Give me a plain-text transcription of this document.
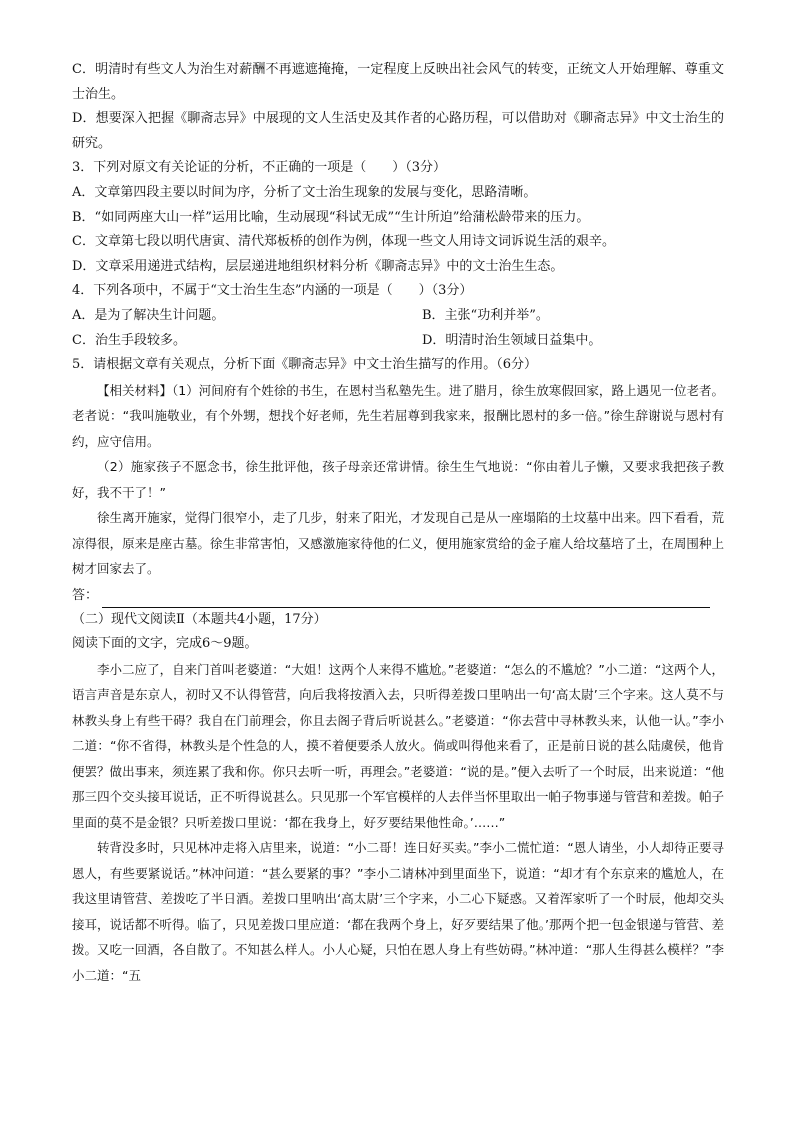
C．明清时有些文人为治生对薪酬不再遮遮掩掩，一定程度上反映出社会风气的转变，正统文人开始理解、尊重文士治生。

D．想要深入把握《聊斋志异》中展现的文人生活史及其作者的心路历程，可以借助对《聊斋志异》中文士治生的研究。

3．下列对原文有关论证的分析，不正确的一项是（　　）（3分）

A．文章第四段主要以时间为序，分析了文士治生现象的发展与变化，思路清晰。

B．“如同两座大山一样”运用比喻，生动展现“科试无成”“生计所迫”给蒲松龄带来的压力。

C．文章第七段以明代唐寅、清代郑板桥的创作为例，体现一些文人用诗文词诉说生活的艰辛。

D．文章采用递进式结构，层层递进地组织材料分析《聊斋志异》中的文士治生生态。

4．下列各项中，不属于“文士治生生态”内涵的一项是（　　）（3分）

A．是为了解决生计问题。	B．主张“功利并举”。
C．治生手段较多。	D．明清时治生领域日益集中。

5．请根据文章有关观点，分析下面《聊斋志异》中文士治生描写的作用。（6分）

【相关材料】（1）河间府有个姓徐的书生，在恩村当私塾先生。进了腊月，徐生放寒假回家，路上遇见一位老者。老者说：“我叫施敬业，有个外甥，想找个好老师，先生若屈尊到我家来，报酬比恩村的多一倍。”徐生辞谢说与恩村有约，应守信用。

（2）施家孩子不愿念书，徐生批评他，孩子母亲还常讲情。徐生生气地说：“你由着儿子懒，又要求我把孩子教好，我不干了！”

徐生离开施家，觉得门很窄小，走了几步，射来了阳光，才发现自己是从一座塌陷的土坟墓中出来。四下看看，荒凉得很，原来是座古墓。徐生非常害怕，又感激施家待他的仁义，便用施家赏给的金子雇人给坟墓培了土，在周围种上树才回家去了。

答：

（二）现代文阅读Ⅱ（本题共4小题，17分）

阅读下面的文字，完成6～9题。

李小二应了，自来门首叫老婆道：“大姐！这两个人来得不尴尬。”老婆道：“怎么的不尴尬？”小二道：“这两个人，语言声音是东京人，初时又不认得管营，向后我将按酒入去，只听得差拨口里呐出一句‘高太尉’三个字来。这人莫不与林教头身上有些干碍？我自在门前理会，你且去阁子背后听说甚么。”老婆道：“你去营中寻林教头来，认他一认。”李小二道：“你不省得，林教头是个性急的人，摸不着便要杀人放火。倘或叫得他来看了，正是前日说的甚么陆虞侯，他肯便罢？做出事来，须连累了我和你。你只去听一听，再理会。”老婆道：“说的是。”便入去听了一个时辰，出来说道：“他那三四个交头接耳说话，正不听得说甚么。只见那一个军官模样的人去伴当怀里取出一帕子物事递与管营和差拨。帕子里面的莫不是金银？只听差拨口里说：‘都在我身上，好歹要结果他性命。’……”

转背没多时，只见林冲走将入店里来，说道：“小二哥！连日好买卖。”李小二慌忙道：“恩人请坐，小人却待正要寻恩人，有些要紧说话。”林冲问道：“甚么要紧的事？”李小二请林冲到里面坐下，说道：“却才有个东京来的尴尬人，在我这里请管营、差拨吃了半日酒。差拨口里呐出‘高太尉’三个字来，小二心下疑惑。又着浑家听了一个时辰，他却交头接耳，说话都不听得。临了，只见差拨口里应道：‘都在我两个身上，好歹要结果了他。’那两个把一包金银递与管营、差拨。又吃一回酒，各自散了。不知甚么样人。小人心疑，只怕在恩人身上有些妨碍。”林冲道：“那人生得甚么模样？”李小二道：“五
